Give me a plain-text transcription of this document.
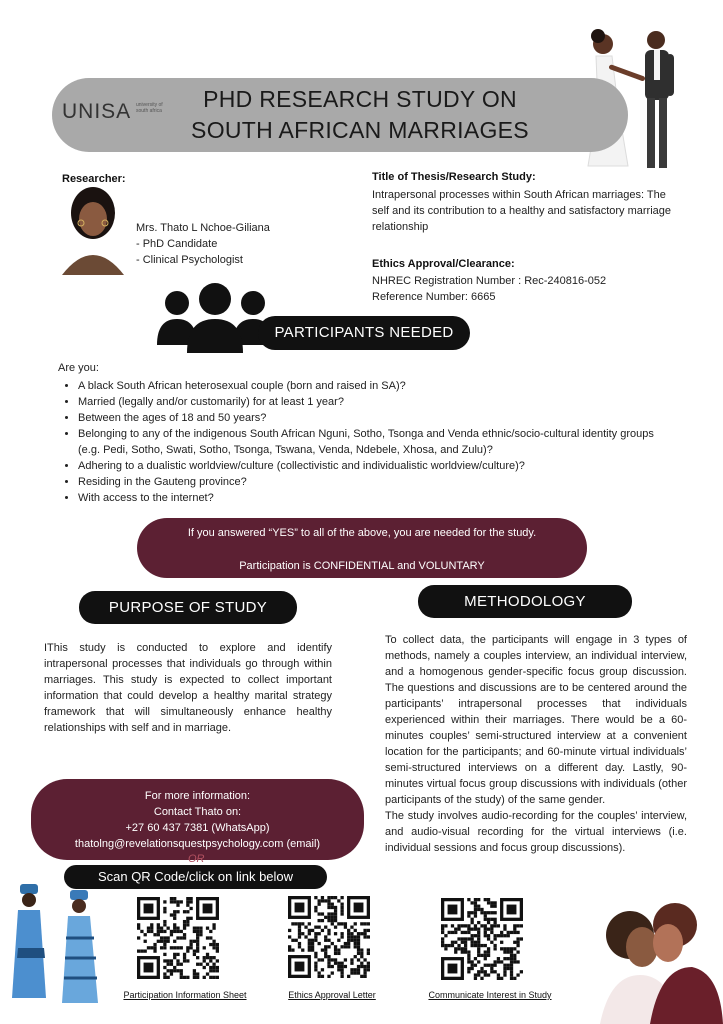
UNISA university of south africa	PHD RESEARCH STUDY ON
SOUTH AFRICAN MARRIAGES
Researcher:
Mrs. Thato L Nchoe-Giliana
- PhD Candidate
- Clinical Psychologist
Title of Thesis/Research Study:
Intrapersonal processes within South African marriages: The self and its contribution to a healthy and satisfactory marriage relationship
Ethics Approval/Clearance:
NHREC Registration Number : Rec-240816-052
Reference Number: 6665
PARTICIPANTS NEEDED
Are you:
• A black South African heterosexual couple (born and raised in SA)?
• Married (legally and/or customarily) for at least 1 year?
• Between the ages of 18 and 50 years?
• Belonging to any of the indigenous South African Nguni, Sotho, Tsonga and Venda ethnic/socio-cultural identity groups (e.g. Pedi, Sotho, Swati, Sotho, Tsonga, Tswana, Venda, Ndebele, Xhosa, and Zulu)?
• Adhering to a dualistic worldview/culture (collectivistic and individualistic worldview/culture)?
• Residing in the Gauteng province?
• With access to the internet?
If you answered “YES” to all of the above, you are needed for the study.
Participation is CONFIDENTIAL and VOLUNTARY
PURPOSE OF STUDY	METHODOLOGY
IThis study is conducted to explore and identify intrapersonal processes that individuals go through within marriages. This study is expected to collect important information that could develop a healthy marital strategy framework that will simultaneously enhance healthy relationships with self and in marriage.

To collect data, the participants will engage in 3 types of methods, namely a couples interview, an individual interview, and a homogenous gender-specific focus group discussion. The questions and discussions are to be centered around the participants’ intrapersonal processes that individuals experienced within their marriages. There would be a 60-minutes couples’ semi-structured interview at a convenient location for the participants; and 60-minute virtual individuals’ semi-structured interviews on a different day. Lastly, 90-minutes virtual focus group discussions with individuals (other participants of the study) of the same gender.

The study involves audio-recording for the couples’ interview, and audio-visual recording for the virtual interviews (i.e. individual sessions and focus group discussions).

For more information:
Contact Thato on:
+27 60 437 7381 (WhatsApp)
thatolng@revelationsquestpsychology.com (email)
OR
Scan QR Code/click on link below
Participation Information Sheet	Ethics Approval Letter	Communicate Interest in Study
